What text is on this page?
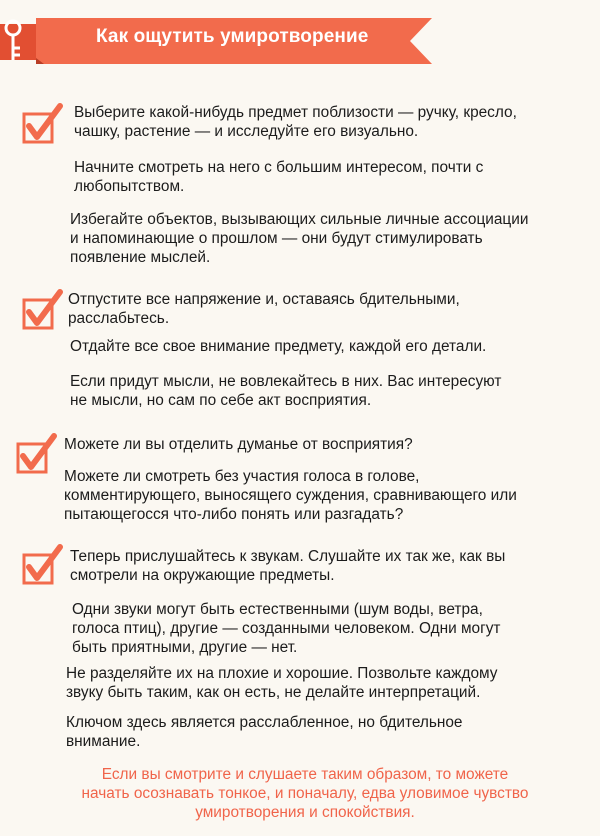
Как ощутить умиротворение

Выберите какой-нибудь предмет поблизости — ручку, кресло,
чашку, растение — и исследуйте его визуально.

Начните смотреть на него с большим интересом, почти с
любопытством.

Избегайте объектов, вызывающих сильные личные ассоциации
и напоминающие о прошлом — они будут стимулировать
появление мыслей.

Отпустите все напряжение и, оставаясь бдительными,
расслабьтесь.

Отдайте все свое внимание предмету, каждой его детали.

Если придут мысли, не вовлекайтесь в них. Вас интересуют
не мысли, но сам по себе акт восприятия.

Можете ли вы отделить думанье от восприятия?

Можете ли смотреть без участия голоса в голове,
комментирующего, выносящего суждения, сравнивающего или
пытающегосся что-либо понять или разгадать?

Теперь прислушайтесь к звукам. Слушайте их так же, как вы
смотрели на окружающие предметы.

Одни звуки могут быть естественными (шум воды, ветра,
голоса птиц), другие — созданными человеком. Одни могут
быть приятными, другие — нет.

Не разделяйте их на плохие и хорошие. Позвольте каждому
звуку быть таким, как он есть, не делайте интерпретаций.

Ключом здесь является расслабленное, но бдительное
внимание.

Если вы смотрите и слушаете таким образом, то можете
начать осознавать тонкое, и поначалу, едва уловимое чувство
умиротворения и спокойствия.
